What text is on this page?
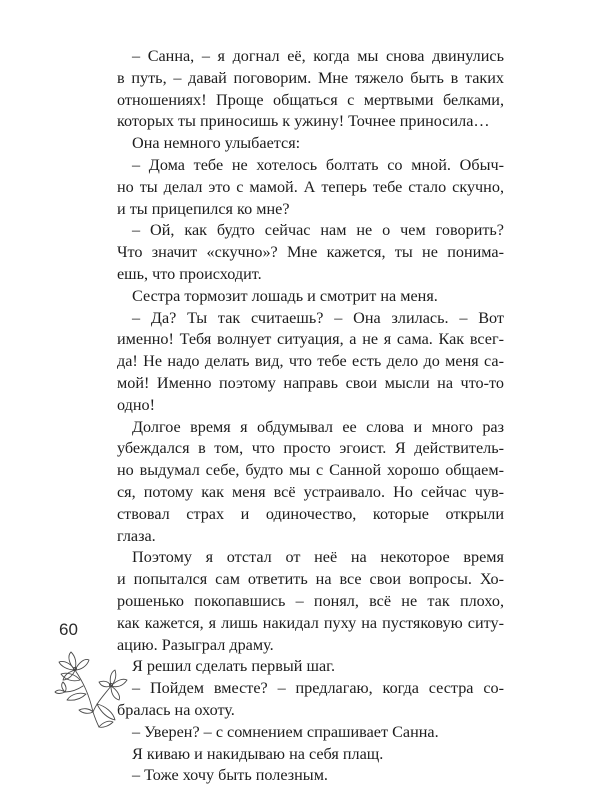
– Санна, – я догнал её, когда мы снова двинулись
в путь, – давай поговорим. Мне тяжело быть в таких
отношениях! Проще общаться с мертвыми белками,
которых ты приносишь к ужину! Точнее приносила…
Она немного улыбается:
– Дома тебе не хотелось болтать со мной. Обыч-
но ты делал это с мамой. А теперь тебе стало скучно,
и ты прицепился ко мне?
– Ой, как будто сейчас нам не о чем говорить?
Что значит «скучно»? Мне кажется, ты не понима-
ешь, что происходит.
Сестра тормозит лошадь и смотрит на меня.
– Да? Ты так считаешь? – Она злилась. – Вот
именно! Тебя волнует ситуация, а не я сама. Как всег-
да! Не надо делать вид, что тебе есть дело до меня са-
мой! Именно поэтому направь свои мысли на что-то
одно!
Долгое время я обдумывал ее слова и много раз
убеждался в том, что просто эгоист. Я действитель-
но выдумал себе, будто мы с Санной хорошо общаем-
ся, потому как меня всё устраивало. Но сейчас чув-
ствовал страх и одиночество, которые открыли
глаза.
Поэтому я отстал от неё на некоторое время
и попытался сам ответить на все свои вопросы. Хо-
рошенько покопавшись – понял, всё не так плохо,
как кажется, я лишь накидал пуху на пустяковую ситу-
ацию. Разыграл драму.
Я решил сделать первый шаг.
– Пойдем вместе? – предлагаю, когда сестра со-
бралась на охоту.
– Уверен? – с сомнением спрашивает Санна.
Я киваю и накидываю на себя плащ.
– Тоже хочу быть полезным.
60
